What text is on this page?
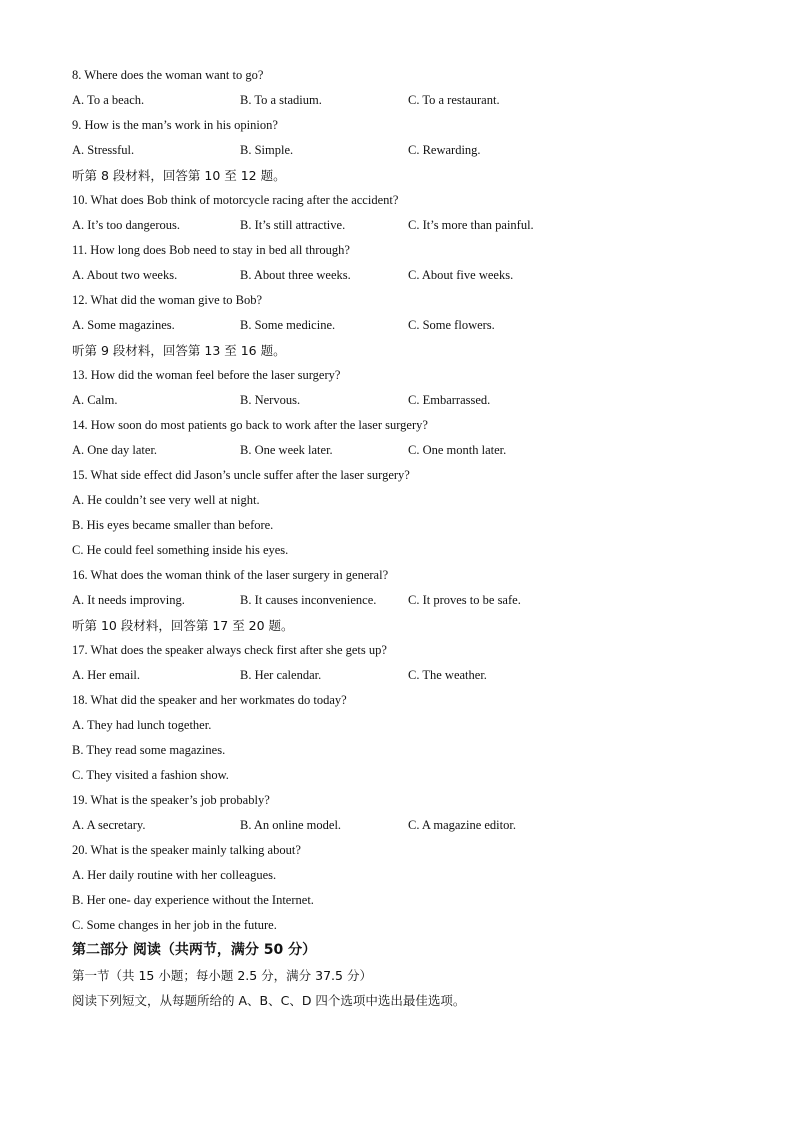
8. Where does the woman want to go?
A. To a beach.	B. To a stadium.	C. To a restaurant.
9. How is the man’s work in his opinion?
A. Stressful.	B. Simple.	C. Rewarding.
听第 8 段材料，回答第 10 至 12 题。
10. What does Bob think of motorcycle racing after the accident?
A. It’s too dangerous.	B. It’s still attractive.	C. It’s more than painful.
11. How long does Bob need to stay in bed all through?
A. About two weeks.	B. About three weeks.	C. About five weeks.
12. What did the woman give to Bob?
A. Some magazines.	B. Some medicine.	C. Some flowers.
听第 9 段材料，回答第 13 至 16 题。
13. How did the woman feel before the laser surgery?
A. Calm.	B. Nervous.	C. Embarrassed.
14. How soon do most patients go back to work after the laser surgery?
A. One day later.	B. One week later.	C. One month later.
15. What side effect did Jason’s uncle suffer after the laser surgery?
A. He couldn’t see very well at night.
B. His eyes became smaller than before.
C. He could feel something inside his eyes.
16. What does the woman think of the laser surgery in general?
A. It needs improving.	B. It causes inconvenience.	C. It proves to be safe.
听第 10 段材料，回答第 17 至 20 题。
17. What does the speaker always check first after she gets up?
A. Her email.	B. Her calendar.	C. The weather.
18. What did the speaker and her workmates do today?
A. They had lunch together.
B. They read some magazines.
C. They visited a fashion show.
19. What is the speaker’s job probably?
A. A secretary.	B. An online model.	C. A magazine editor.
20. What is the speaker mainly talking about?
A. Her daily routine with her colleagues.
B. Her one- day experience without the Internet.
C. Some changes in her job in the future.
第二部分 阅读（共两节，满分 50 分）
第一节（共 15 小题；每小题 2.5 分，满分 37.5 分）
阅读下列短文，从每题所给的 A、B、C、D 四个选项中选出最佳选项。
